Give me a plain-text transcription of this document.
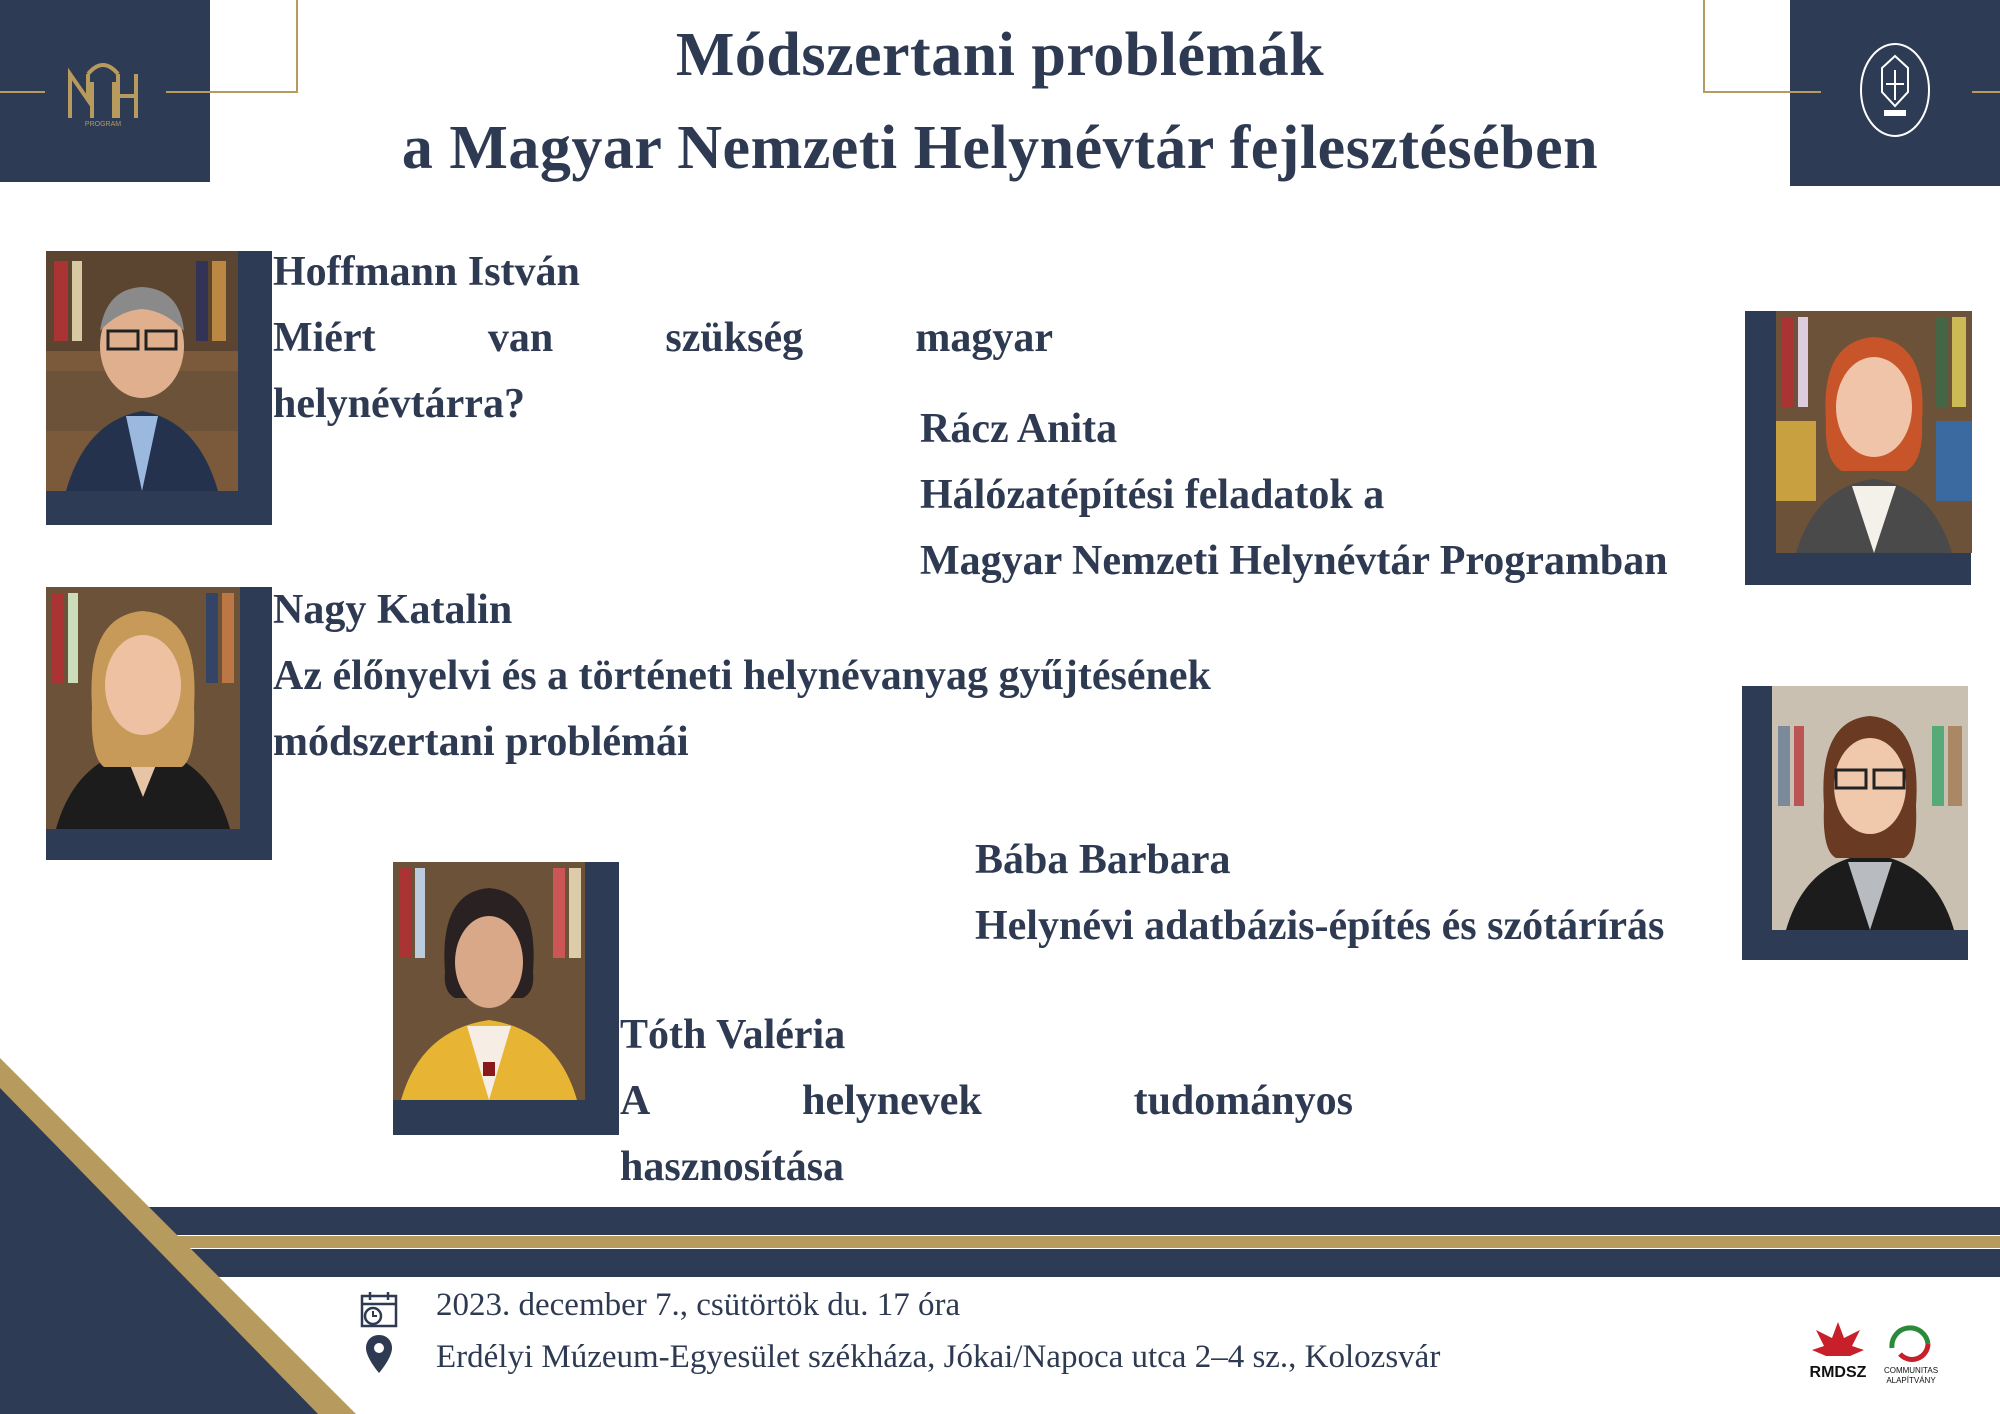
PROGRAM
Módszertani problémák
a Magyar Nemzeti Helynévtár fejlesztésében
Hoffmann István
Miért	van	szükség	magyar
helynévtárra?
Rácz Anita
Hálózatépítési feladatok a
Magyar Nemzeti Helynévtár Programban
Nagy Katalin
Az élőnyelvi és a történeti helynévanyag gyűjtésének
módszertani problémái
Bába Barbara
Helynévi adatbázis-építés és szótárírás
Tóth Valéria
A	helynevek	tudományos
hasznosítása
2023. december 7., csütörtök du. 17 óra
Erdélyi Múzeum-Egyesület székháza, Jókai/Napoca utca 2–4 sz., Kolozsvár	RMDSZ	COMMUNITAS
ALAPÍTVÁNY
